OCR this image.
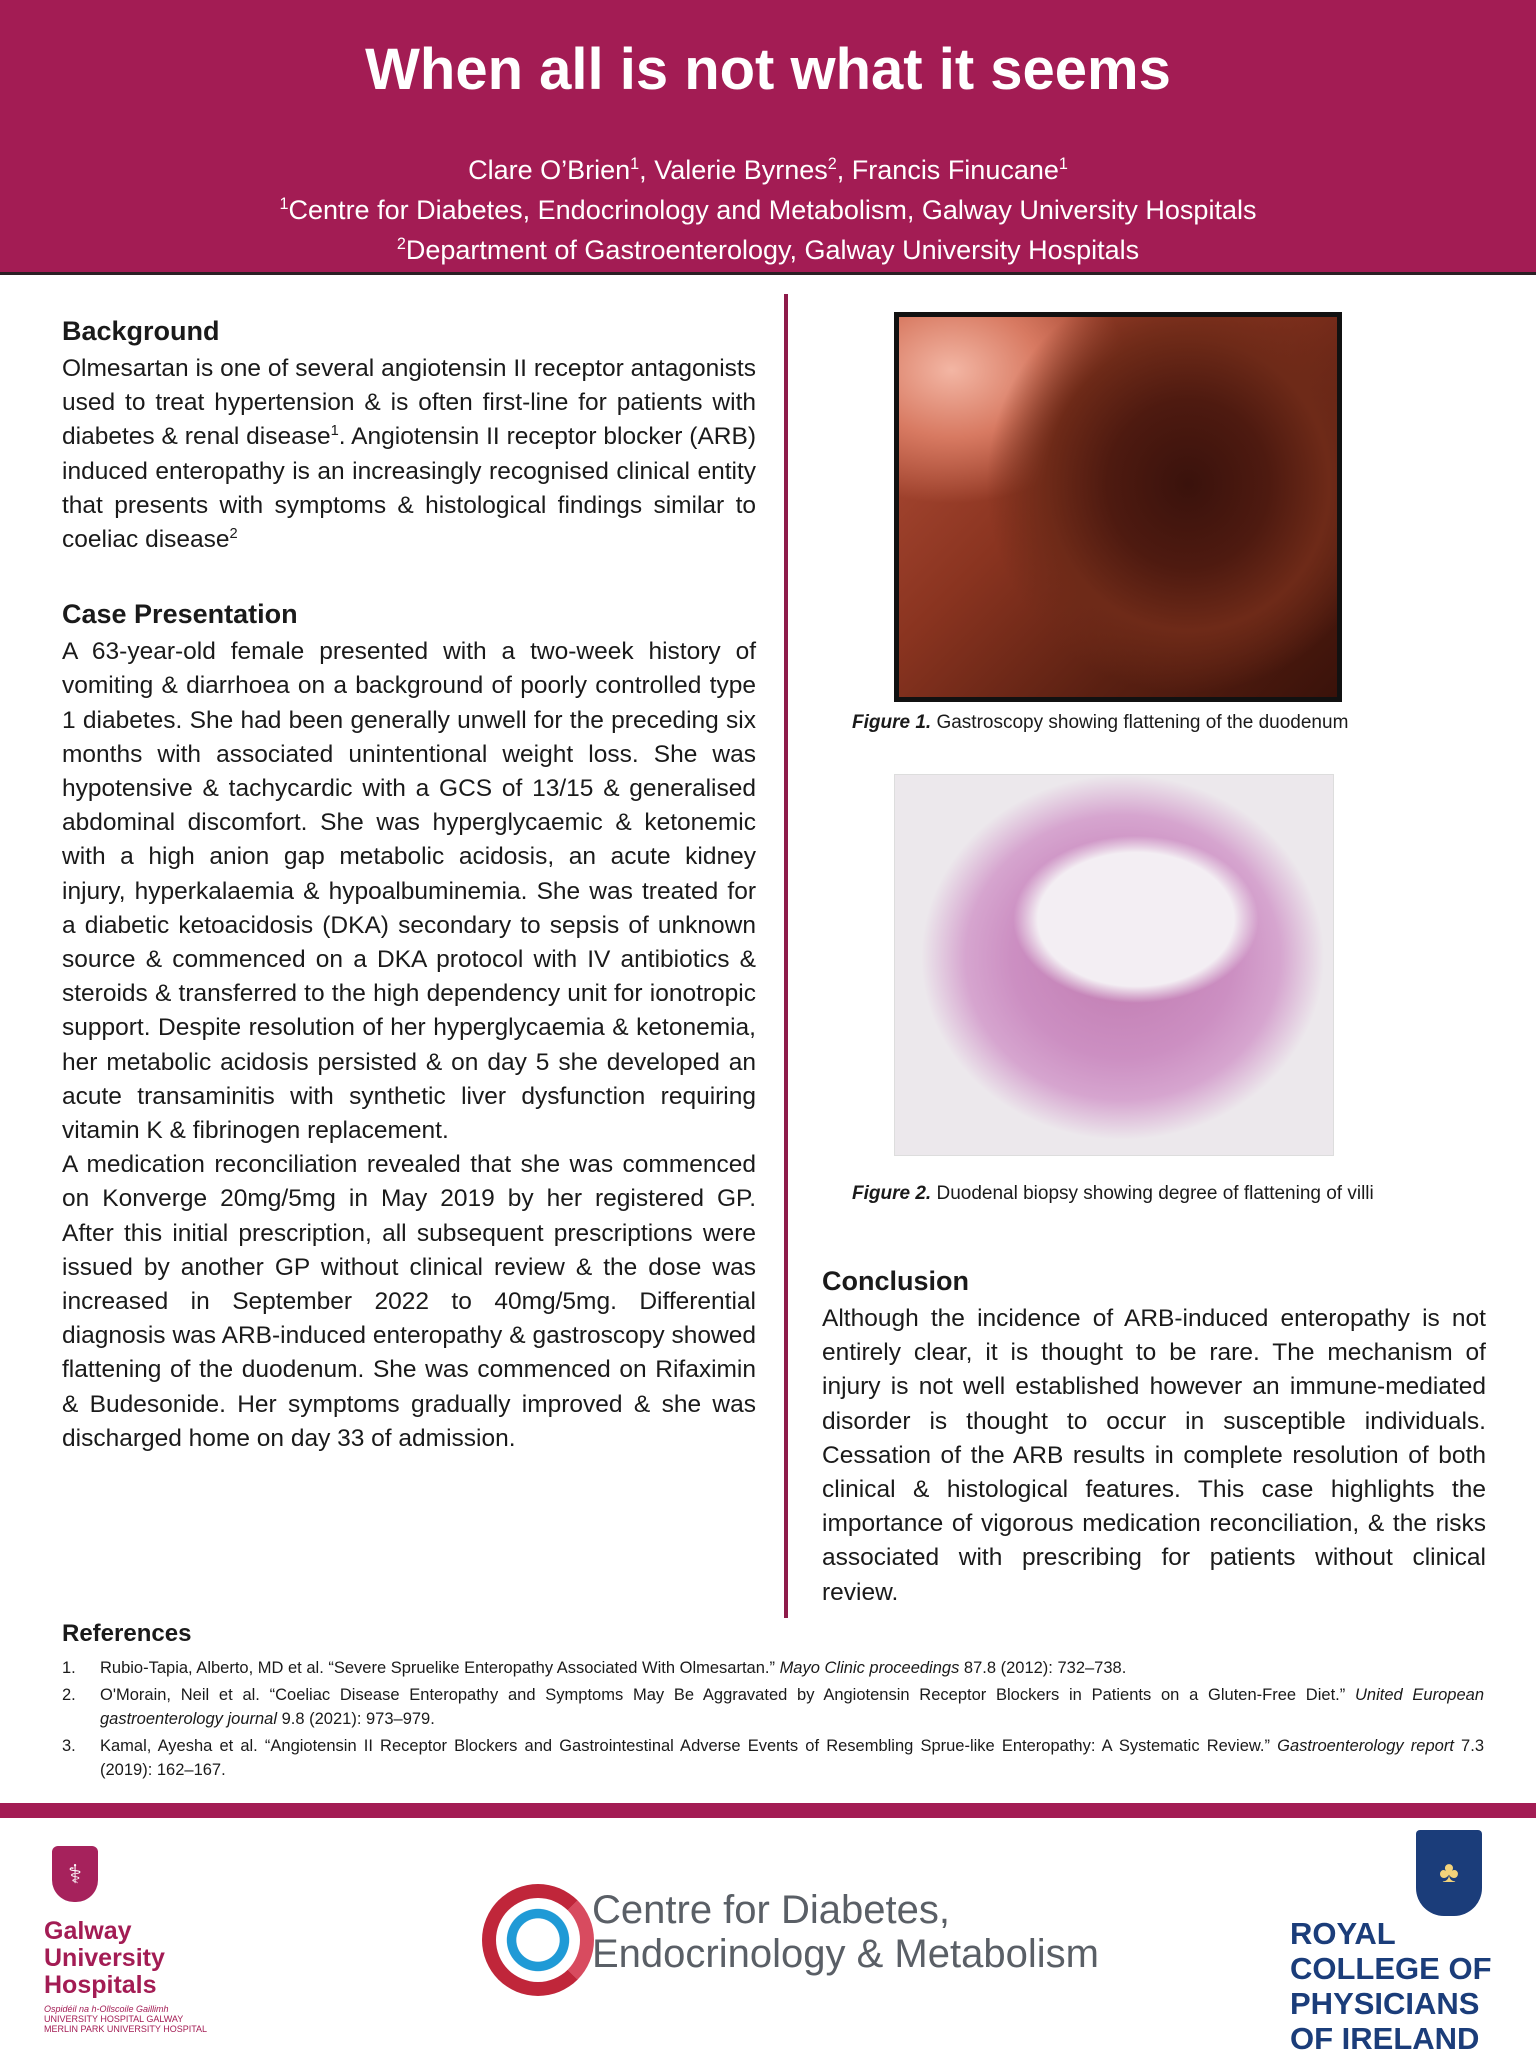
When all is not what it seems
Clare O’Brien$^1$, Valerie Byrnes$^2$, Francis Finucane$^1$
$^1$Centre for Diabetes, Endocrinology and Metabolism, Galway University Hospitals
$^2$Department of Gastroenterology, Galway University Hospitals
Background

Olmesartan is one of several angiotensin II receptor antagonists used to treat hypertension & is often first-line for patients with diabetes & renal disease$^1$. Angiotensin II receptor blocker (ARB) induced enteropathy is an increasingly recognised clinical entity that presents with symptoms & histological findings similar to coeliac disease$^2$

Case Presentation

A 63-year-old female presented with a two-week history of vomiting & diarrhoea on a background of poorly controlled type 1 diabetes. She had been generally unwell for the preceding six months with associated unintentional weight loss. She was hypotensive & tachycardic with a GCS of 13/15 & generalised abdominal discomfort. She was hyperglycaemic & ketonemic with a high anion gap metabolic acidosis, an acute kidney injury, hyperkalaemia & hypoalbuminemia. She was treated for a diabetic ketoacidosis (DKA) secondary to sepsis of unknown source & commenced on a DKA protocol with IV antibiotics & steroids & transferred to the high dependency unit for ionotropic support. Despite resolution of her hyperglycaemia & ketonemia, her metabolic acidosis persisted & on day 5 she developed an acute transaminitis with synthetic liver dysfunction requiring vitamin K & fibrinogen replacement.

A medication reconciliation revealed that she was commenced on Konverge 20mg/5mg in May 2019 by her registered GP. After this initial prescription, all subsequent prescriptions were issued by another GP without clinical review & the dose was increased in September 2022 to 40mg/5mg. Differential diagnosis was ARB-induced enteropathy & gastroscopy showed flattening of the duodenum. She was commenced on Rifaximin & Budesonide. Her symptoms gradually improved & she was discharged home on day 33 of admission.

Figure 1. Gastroscopy showing flattening of the duodenum
Figure 2. Duodenal biopsy showing degree of flattening of villi
Conclusion

Although the incidence of ARB-induced enteropathy is not entirely clear, it is thought to be rare. The mechanism of injury is not well established however an immune-mediated disorder is thought to occur in susceptible individuals. Cessation of the ARB results in complete resolution of both clinical & histological features. This case highlights the importance of vigorous medication reconciliation, & the risks associated with prescribing for patients without clinical review.

References
1.	Rubio-Tapia, Alberto, MD et al. “Severe Spruelike Enteropathy Associated With Olmesartan.” Mayo Clinic proceedings 87.8 (2012): 732–738.
2.	O'Morain, Neil et al. “Coeliac Disease Enteropathy and Symptoms May Be Aggravated by Angiotensin Receptor Blockers in Patients on a Gluten-Free Diet.” United European gastroenterology journal 9.8 (2021): 973–979.
3.	Kamal, Ayesha et al. “Angiotensin II Receptor Blockers and Gastrointestinal Adverse Events of Resembling Sprue-like Enteropathy: A Systematic Review.” Gastroenterology report 7.3 (2019): 162–167.
⚕
Galway
University
Hospitals
Ospidéil na h-Ollscoile Gaillimh
UNIVERSITY HOSPITAL GALWAY
MERLIN PARK UNIVERSITY HOSPITAL
Centre for Diabetes,
Endocrinology & Metabolism
♣
ROYAL
COLLEGE OF
PHYSICIANS
OF IRELAND
